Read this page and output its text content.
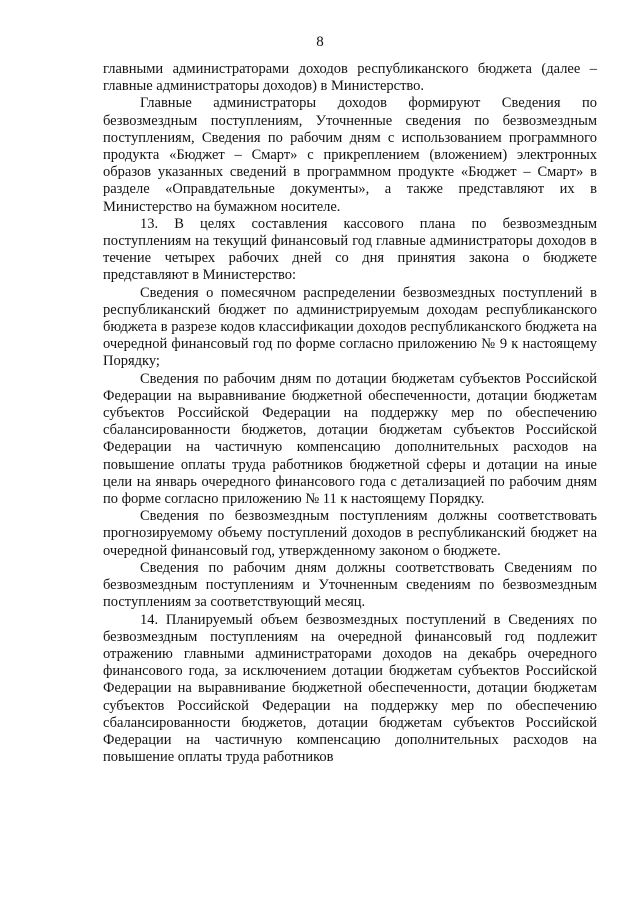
8

главными администраторами доходов республиканского бюджета (далее – главные администраторы доходов) в Министерство.

Главные администраторы доходов формируют Сведения по безвозмездным поступлениям, Уточненные сведения по безвозмездным поступлениям, Сведения по рабочим дням с использованием программного продукта «Бюджет – Смарт» с прикреплением (вложением) электронных образов указанных сведений в программном продукте «Бюджет – Смарт» в разделе «Оправдательные документы», а также представляют их в Министерство на бумажном носителе.

13. В целях составления кассового плана по безвозмездным поступлениям на текущий финансовый год главные администраторы доходов в течение четырех рабочих дней со дня принятия закона о бюджете представляют в Министерство:

Сведения о помесячном распределении безвозмездных поступлений в республиканский бюджет по администрируемым доходам республиканского бюджета в разрезе кодов классификации доходов республиканского бюджета на очередной финансовый год по форме согласно приложению № 9 к настоящему Порядку;

Сведения по рабочим дням по дотации бюджетам субъектов Российской Федерации на выравнивание бюджетной обеспеченности, дотации бюджетам субъектов Российской Федерации на поддержку мер по обеспечению сбалансированности бюджетов, дотации бюджетам субъектов Российской Федерации на частичную компенсацию дополнительных расходов на повышение оплаты труда работников бюджетной сферы и дотации на иные цели на январь очередного финансового года с детализацией по рабочим дням по форме согласно приложению № 11 к настоящему Порядку.

Сведения по безвозмездным поступлениям должны соответствовать прогнозируемому объему поступлений доходов в республиканский бюджет на очередной финансовый год, утвержденному законом о бюджете.

Сведения по рабочим дням должны соответствовать Сведениям по безвозмездным поступлениям и Уточненным сведениям по безвозмездным поступлениям за соответствующий месяц.

14. Планируемый объем безвозмездных поступлений в Сведениях по безвозмездным поступлениям на очередной финансовый год подлежит отражению главными администраторами доходов на декабрь очередного финансового года, за исключением дотации бюджетам субъектов Российской Федерации на выравнивание бюджетной обеспеченности, дотации бюджетам субъектов Российской Федерации на поддержку мер по обеспечению сбалансированности бюджетов, дотации бюджетам субъектов Российской Федерации на частичную компенсацию дополнительных расходов на повышение оплаты труда работников
